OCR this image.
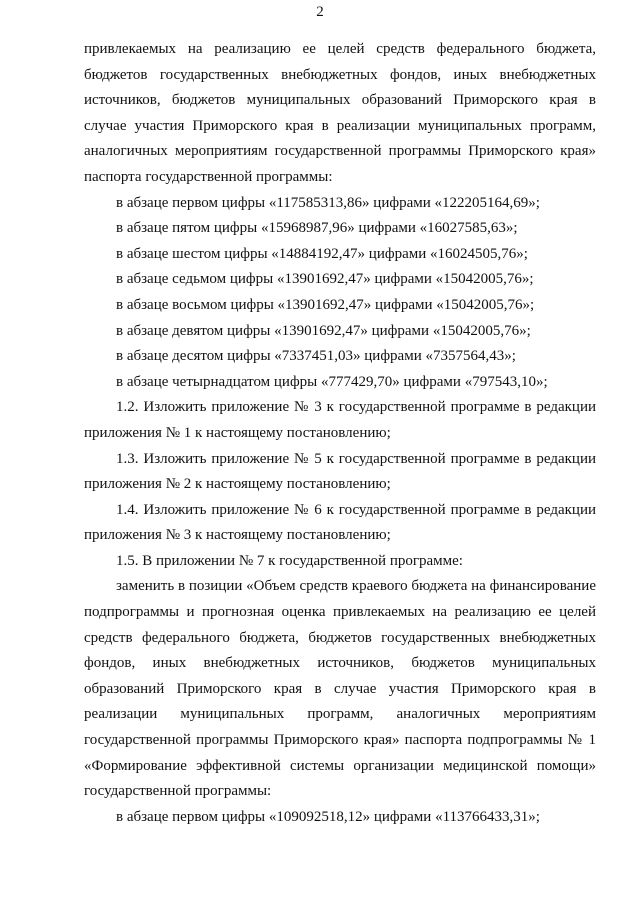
2

привлекаемых на реализацию ее целей средств федерального бюджета, бюджетов государственных внебюджетных фондов, иных внебюджетных источников, бюджетов муниципальных образований Приморского края в случае участия Приморского края в реализации муниципальных программ, аналогичных мероприятиям государственной программы Приморского края» паспорта государственной программы:

в абзаце первом цифры «117585313,86» цифрами «122205164,69»;

в абзаце пятом цифры «15968987,96» цифрами «16027585,63»;

в абзаце шестом цифры «14884192,47» цифрами «16024505,76»;

в абзаце седьмом цифры «13901692,47» цифрами «15042005,76»;

в абзаце восьмом цифры «13901692,47» цифрами «15042005,76»;

в абзаце девятом цифры «13901692,47» цифрами «15042005,76»;

в абзаце десятом цифры «7337451,03» цифрами «7357564,43»;

в абзаце четырнадцатом цифры «777429,70» цифрами «797543,10»;

1.2. Изложить приложение № 3 к государственной программе в редакции приложения № 1 к настоящему постановлению;

1.3. Изложить приложение № 5 к государственной программе в редакции приложения № 2 к настоящему постановлению;

1.4. Изложить приложение № 6 к государственной программе в редакции приложения № 3 к настоящему постановлению;

1.5. В приложении № 7 к государственной программе:

заменить в позиции «Объем средств краевого бюджета на финансирование подпрограммы и прогнозная оценка привлекаемых на реализацию ее целей средств федерального бюджета, бюджетов государственных внебюджетных фондов, иных внебюджетных источников, бюджетов муниципальных образований Приморского края в случае участия Приморского края в реализации муниципальных программ, аналогичных мероприятиям государственной программы Приморского края» паспорта подпрограммы № 1 «Формирование эффективной системы организации медицинской помощи» государственной программы:

в абзаце первом цифры «109092518,12» цифрами «113766433,31»;
